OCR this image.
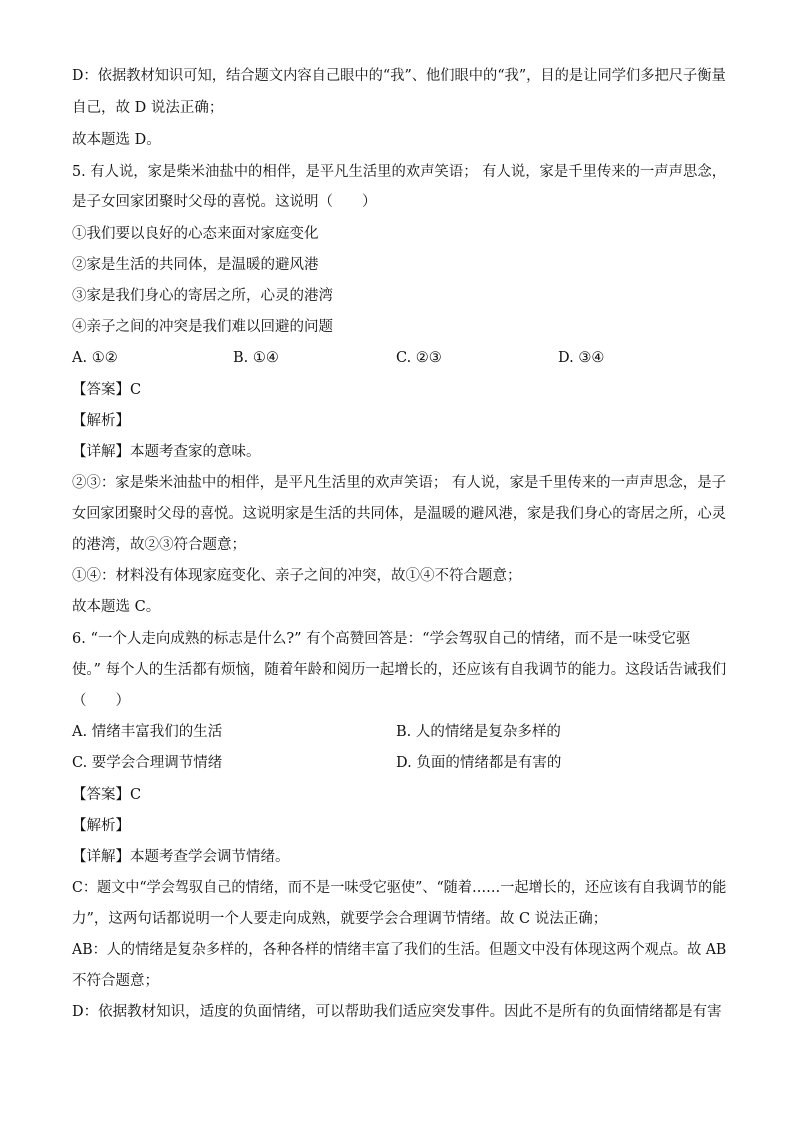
D：依据教材知识可知，结合题文内容自己眼中的“我”、他们眼中的“我”，目的是让同学们多把尺子衡量
自己，故 D 说法正确；
故本题选 D。
5. 有人说，家是柴米油盐中的相伴，是平凡生活里的欢声笑语； 有人说，家是千里传来的一声声思念，
是子女回家团聚时父母的喜悦。这说明（　　）
①我们要以良好的心态来面对家庭变化
②家是生活的共同体，是温暖的避风港
③家是我们身心的寄居之所，心灵的港湾
④亲子之间的冲突是我们难以回避的问题
A. ①②	B. ①④	C. ②③	D. ③④
【答案】C
【解析】
【详解】本题考查家的意味。
②③：家是柴米油盐中的相伴，是平凡生活里的欢声笑语； 有人说，家是千里传来的一声声思念，是子
女回家团聚时父母的喜悦。这说明家是生活的共同体，是温暖的避风港，家是我们身心的寄居之所，心灵
的港湾，故②③符合题意；
①④：材料没有体现家庭变化、亲子之间的冲突，故①④不符合题意；
故本题选 C。
6. “一个人走向成熟的标志是什么?” 有个高赞回答是：“学会驾驭自己的情绪，而不是一味受它驱
使。” 每个人的生活都有烦恼，随着年龄和阅历一起增长的，还应该有自我调节的能力。这段话告诫我们
（　　）
A. 情绪丰富我们的生活	B. 人的情绪是复杂多样的
C. 要学会合理调节情绪	D. 负面的情绪都是有害的
【答案】C
【解析】
【详解】本题考查学会调节情绪。
C：题文中“学会驾驭自己的情绪，而不是一味受它驱使”、“随着……一起增长的，还应该有自我调节的能
力”，这两句话都说明一个人要走向成熟，就要学会合理调节情绪。故 C 说法正确；
AB：人的情绪是复杂多样的，各种各样的情绪丰富了我们的生活。但题文中没有体现这两个观点。故 AB
不符合题意；
D：依据教材知识，适度的负面情绪，可以帮助我们适应突发事件。因此不是所有的负面情绪都是有害
